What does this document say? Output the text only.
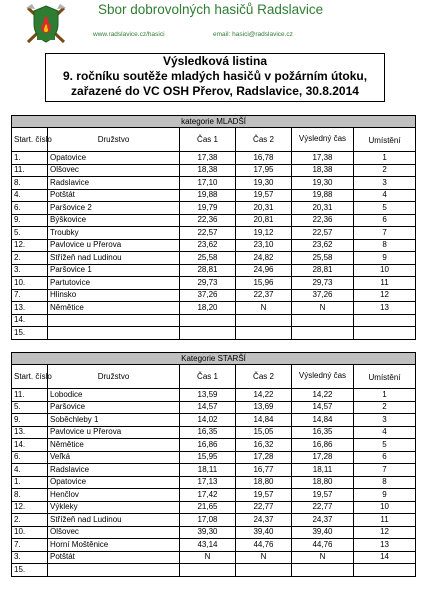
Sbor dobrovolných hasičů Radslavice
www.radslavice.cz/hasici	email: hasici@radslavice.cz
Výsledková listina
9. ročníku soutěže mladých hasičů v požárním útoku,
zařazené do VC OSH Přerov, Radslavice, 30.8.2014
kategorie MLADŠÍ					
Start. číslo	Družstvo	Čas 1	Čas 2	Výsledný čas	Umístění
1.	Opatovice	17,38	16,78	17,38	1
11.	Olšovec	18,38	17,95	18,38	2
8.	Radslavice	17,10	19,30	19,30	3
4.	Potštát	19,88	19,57	19,88	4
6.	Paršovice 2	19,79	20,31	20,31	5
9.	Býškovice	22,36	20,81	22,36	6
5.	Troubky	22,57	19,12	22,57	7
12.	Pavlovice u Přerova	23,62	23,10	23,62	8
2.	Střížeň nad Ludinou	25,58	24,82	25,58	9
3.	Paršovice 1	28,81	24,96	28,81	10
10.	Partutovice	29,73	15,96	29,73	11
7.	Hlinsko	37,26	22,37	37,26	12
13.	Němětice	18,20	N	N	13
14.					
15.					
Kategorie STARŠÍ					
Start. číslo	Družstvo	Čas 1	Čas 2	Výsledný čas	Umístění
11.	Lobodice	13,59	14,22	14,22	1
5.	Paršovice	14,57	13,69	14,57	2
9.	Soběchleby 1	14,02	14,84	14,84	3
13.	Pavlovice u Přerova	16,35	15,05	16,35	4
14.	Němětice	16,86	16,32	16,86	5
6.	Veľká	15,95	17,28	17,28	6
4.	Radslavice	18,11	16,77	18,11	7
1.	Opatovice	17,13	18,80	18,80	8
8.	Henčlov	17,42	19,57	19,57	9
12.	Výkleky	21,65	22,77	22,77	10
2.	Střížeň nad Ludinou	17,08	24,37	24,37	11
10.	Olšovec	39,30	39,40	39,40	12
7.	Horní Moštěnice	43,14	44,76	44,76	13
3.	Potštát	N	N	N	14
15.					
